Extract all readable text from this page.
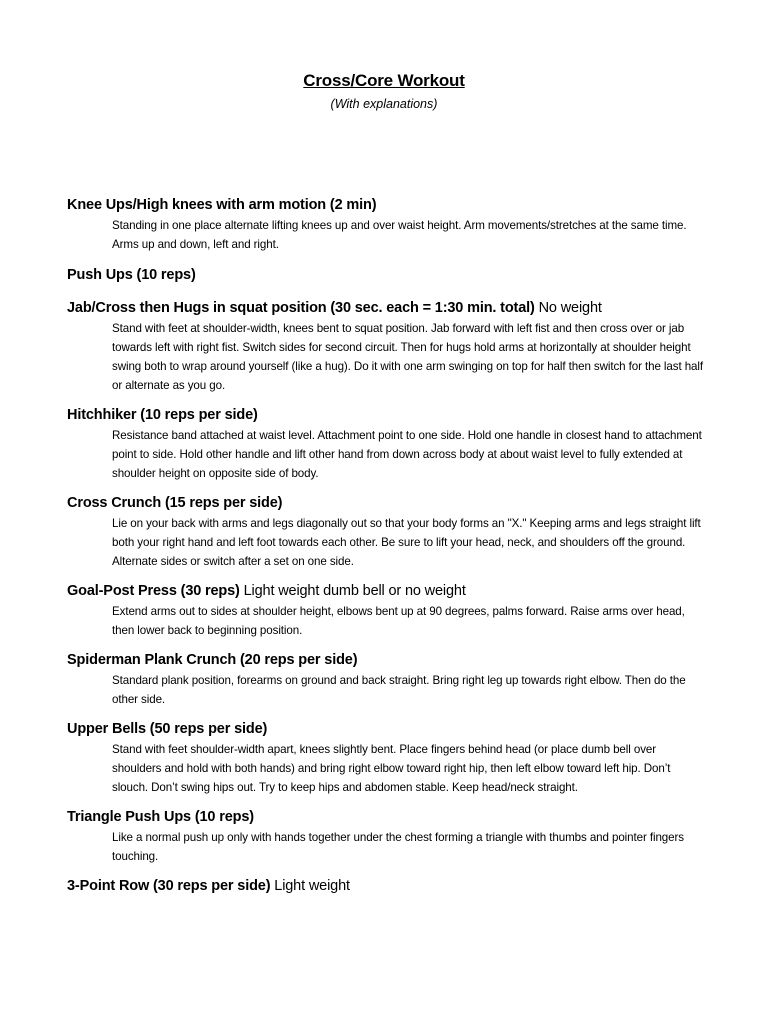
Cross/Core Workout
(With explanations)
Knee Ups/High knees with arm motion (2 min)
Standing in one place alternate lifting knees up and over waist height. Arm movements/stretches at the same time. Arms up and down, left and right.
Push Ups (10 reps)
Jab/Cross then Hugs in squat position (30 sec. each = 1:30 min. total) No weight
Stand with feet at shoulder-width, knees bent to squat position. Jab forward with left fist and then cross over or jab towards left with right fist. Switch sides for second circuit. Then for hugs hold arms at horizontally at shoulder height swing both to wrap around yourself (like a hug). Do it with one arm swinging on top for half then switch for the last half or alternate as you go.
Hitchhiker (10 reps per side)
Resistance band attached at waist level. Attachment point to one side. Hold one handle in closest hand to attachment point to side. Hold other handle and lift other hand from down across body at about waist level to fully extended at shoulder height on opposite side of body.
Cross Crunch (15 reps per side)
Lie on your back with arms and legs diagonally out so that your body forms an "X." Keeping arms and legs straight lift both your right hand and left foot towards each other. Be sure to lift your head, neck, and shoulders off the ground. Alternate sides or switch after a set on one side.
Goal-Post Press (30 reps) Light weight dumb bell or no weight
Extend arms out to sides at shoulder height, elbows bent up at 90 degrees, palms forward. Raise arms over head, then lower back to beginning position.
Spiderman Plank Crunch (20 reps per side)
Standard plank position, forearms on ground and back straight. Bring right leg up towards right elbow. Then do the other side.
Upper Bells (50 reps per side)
Stand with feet shoulder-width apart, knees slightly bent. Place fingers behind head (or place dumb bell over shoulders and hold with both hands) and bring right elbow toward right hip, then left elbow toward left hip. Don’t slouch. Don’t swing hips out. Try to keep hips and abdomen stable. Keep head/neck straight.
Triangle Push Ups (10 reps)
Like a normal push up only with hands together under the chest forming a triangle with thumbs and pointer fingers touching.
3-Point Row (30 reps per side) Light weight
